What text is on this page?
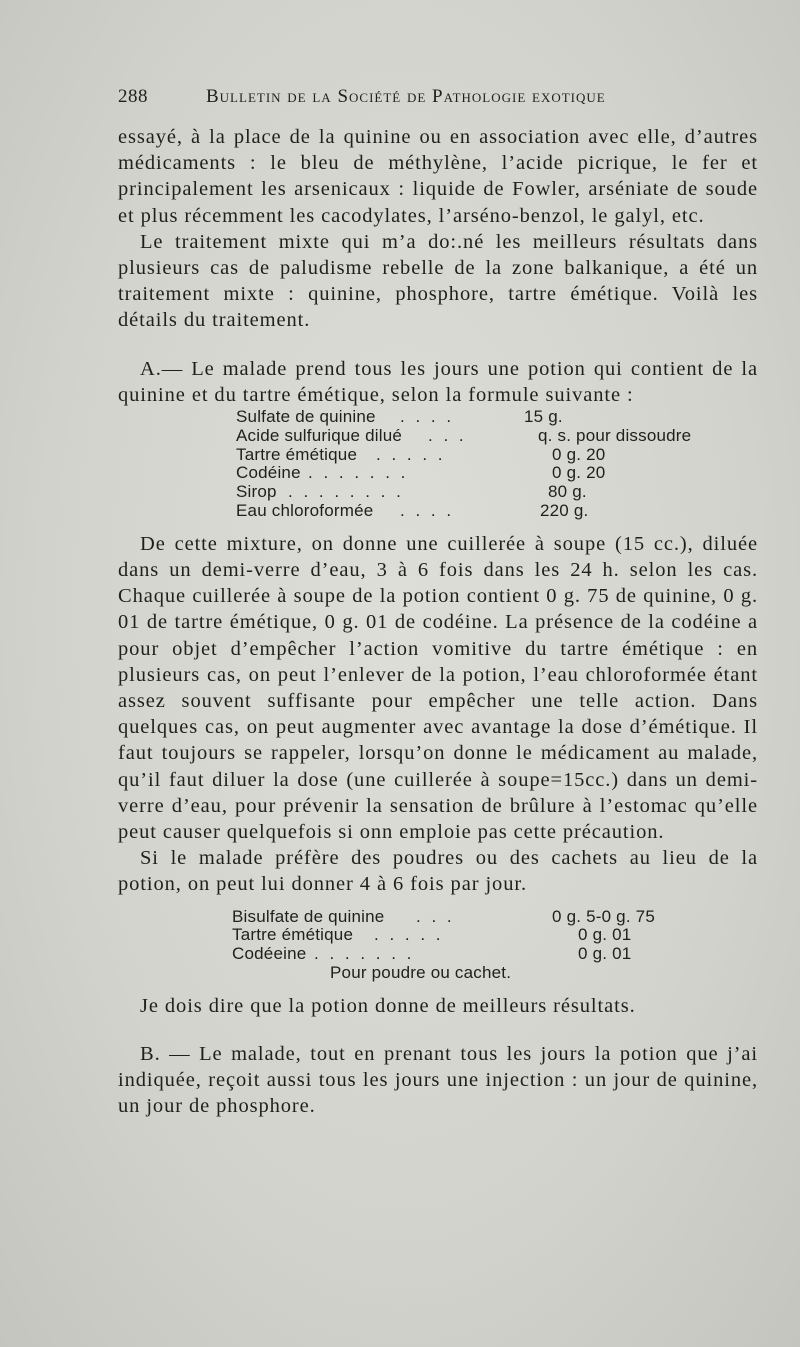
288	Bulletin de la Société de Pathologie exotique

essayé, à la place de la quinine ou en association avec elle, d’autres médicaments : le bleu de méthylène, l’acide picrique, le fer et principalement les arsenicaux : liquide de Fowler, arséniate de soude et plus récemment les cacodylates, l’arséno-benzol, le galyl, etc.

Le traitement mixte qui m’a do:.né les meilleurs résultats dans plusieurs cas de paludisme rebelle de la zone balkanique, a été un traitement mixte : quinine, phosphore, tartre émétique. Voilà les détails du traitement.

A.— Le malade prend tous les jours une potion qui contient de la quinine et du tartre émétique, selon la formule suivante :

Sulfate de quinine . . . .	15 g.
Acide sulfurique dilué . . .	q. s. pour dissoudre
Tartre émétique . . . . .	0 g. 20
Codéine . . . . . . .	0 g. 20
Sirop . . . . . . . .	80 g.
Eau chloroformée . . . .	220 g.

De cette mixture, on donne une cuillerée à soupe (15 cc.), diluée dans un demi-verre d’eau, 3 à 6 fois dans les 24 h. selon les cas. Chaque cuillerée à soupe de la potion contient 0 g. 75 de quinine, 0 g. 01 de tartre émétique, 0 g. 01 de codéine. La présence de la codéine a pour objet d’empêcher l’action vomitive du tartre émétique : en plusieurs cas, on peut l’enlever de la potion, l’eau chloroformée étant assez souvent suffisante pour empêcher une telle action. Dans quelques cas, on peut augmenter avec avantage la dose d’émétique. Il faut toujours se rappeler, lorsqu’on donne le médicament au malade, qu’il faut diluer la dose (une cuillerée à soupe=15cc.) dans un demi-verre d’eau, pour prévenir la sensation de brûlure à l’estomac qu’elle peut causer quelquefois si onn emploie pas cette précaution.

Si le malade préfère des poudres ou des cachets au lieu de la potion, on peut lui donner 4 à 6 fois par jour.

Bisulfate de quinine . . .	0 g. 5-0 g. 75
Tartre émétique . . . . .	0 g. 01
Codéeine . . . . . . .	0 g. 01
Pour poudre ou cachet.

Je dois dire que la potion donne de meilleurs résultats.

B. — Le malade, tout en prenant tous les jours la potion que j’ai indiquée, reçoit aussi tous les jours une injection : un jour de quinine, un jour de phosphore.
